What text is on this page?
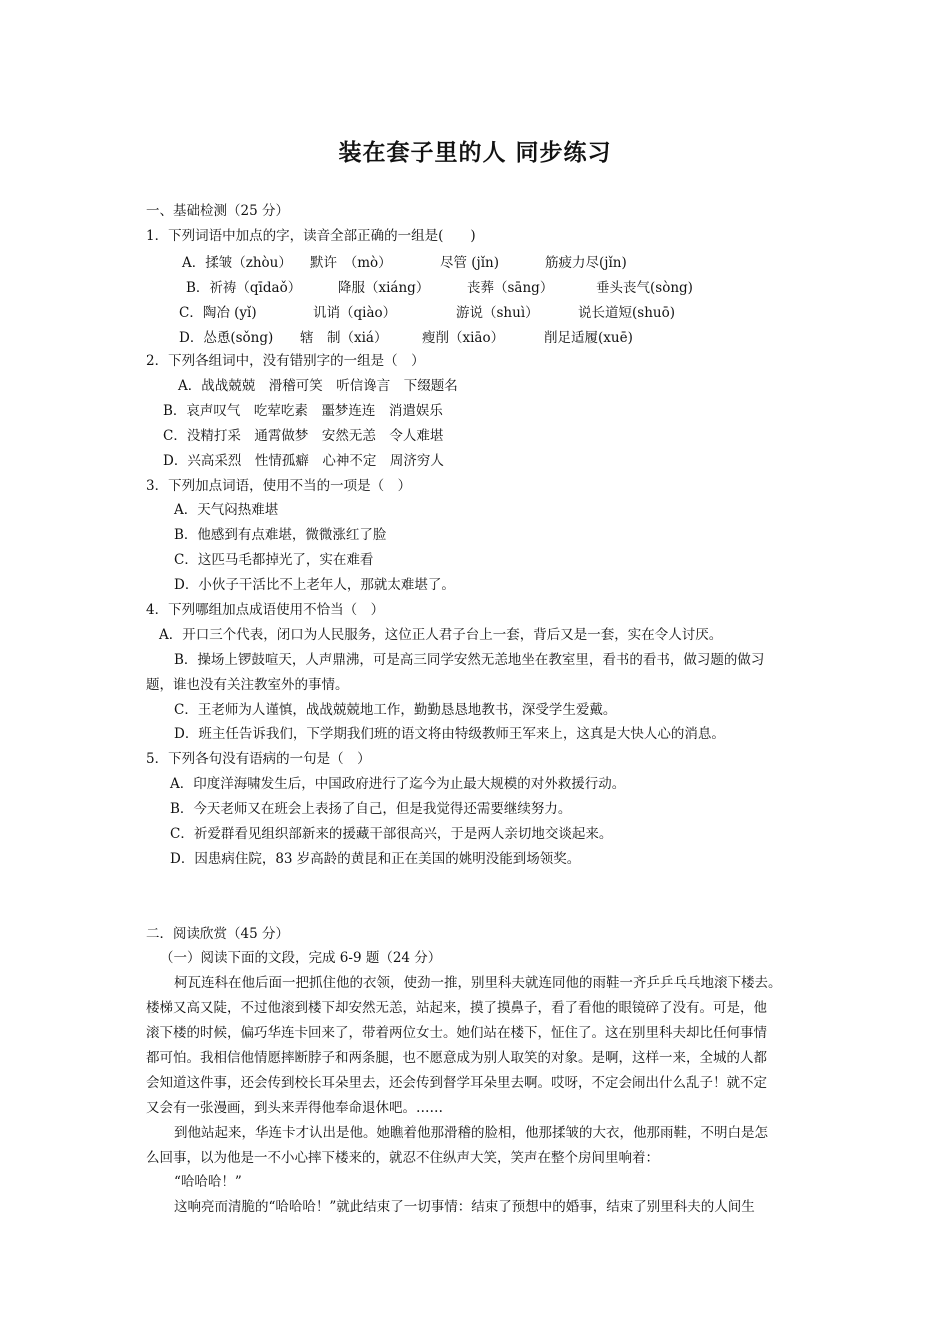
装在套子里的人 同步练习
一、基础检测（25 分）
1．下列词语中加点的字，读音全部正确的一组是(　　)
A．揉皱（zhòu） 默许　（mò）	尽管 (jǐn)	筋疲力尽(jǐn)
B．祈祷（qīdaǒ）	降服（xiáng）	丧葬（sāng）	垂头丧气(sòng)
C．陶冶 (yǐ)	讥诮（qiào）	游说（shuì）	说长道短(shuō)
D．怂恿(sǒng) 辖　制（xiá）	瘦削（xiāo）	削足适履(xuē)
2．下列各组词中，没有错别字的一组是（　）
A．战战兢兢　滑稽可笑　听信谗言　下缀题名
B．哀声叹气　吃荤吃素　噩梦连连　消遣娱乐
C．没精打采　通霄做梦　安然无恙　令人难堪
D．兴高采烈　性情孤癖　心神不定　周济穷人
3．下列加点词语，使用不当的一项是（　）
A．天气闷热难堪
B．他感到有点难堪，微微涨红了脸
C．这匹马毛都掉光了，实在难看
D．小伙子干活比不上老年人，那就太难堪了。
4．下列哪组加点成语使用不恰当（　）
A．开口三个代表，闭口为人民服务，这位正人君子台上一套，背后又是一套，实在令人讨厌。
B．操场上锣鼓喧天，人声鼎沸，可是高三同学安然无恙地坐在教室里，看书的看书，做习题的做习
题，谁也没有关注教室外的事情。
C．王老师为人谨慎，战战兢兢地工作，勤勤恳恳地教书，深受学生爱戴。
D．班主任告诉我们，下学期我们班的语文将由特级教师王军来上，这真是大快人心的消息。
5．下列各句没有语病的一句是（　）
A．印度洋海啸发生后，中国政府进行了迄今为止最大规模的对外救援行动。
B．今天老师又在班会上表扬了自己，但是我觉得还需要继续努力。
C．祈爱群看见组织部新来的援藏干部很高兴，于是两人亲切地交谈起来。
D．因患病住院，83 岁高龄的黄昆和正在美国的姚明没能到场领奖。
二．阅读欣赏（45 分）
（一）阅读下面的文段，完成 6-9 题（24 分）
柯瓦连科在他后面一把抓住他的衣领，使劲一推，别里科夫就连同他的雨鞋一齐乒乒乓乓地滚下楼去。
楼梯又高又陡，不过他滚到楼下却安然无恙，站起来，摸了摸鼻子，看了看他的眼镜碎了没有。可是，他
滚下楼的时候，偏巧华连卡回来了，带着两位女士。她们站在楼下，怔住了。这在别里科夫却比任何事情
都可怕。我相信他情愿摔断脖子和两条腿，也不愿意成为别人取笑的对象。是啊，这样一来，全城的人都
会知道这件事，还会传到校长耳朵里去，还会传到督学耳朵里去啊。哎呀，不定会闹出什么乱子！就不定
又会有一张漫画，到头来弄得他奉命退休吧。……
到他站起来，华连卡才认出是他。她瞧着他那滑稽的脸相，他那揉皱的大衣，他那雨鞋，不明白是怎
么回事，以为他是一不小心摔下楼来的，就忍不住纵声大笑，笑声在整个房间里响着：
“哈哈哈！”
这响亮而清脆的“哈哈哈！”就此结束了一切事情：结束了预想中的婚事，结束了别里科夫的人间生
